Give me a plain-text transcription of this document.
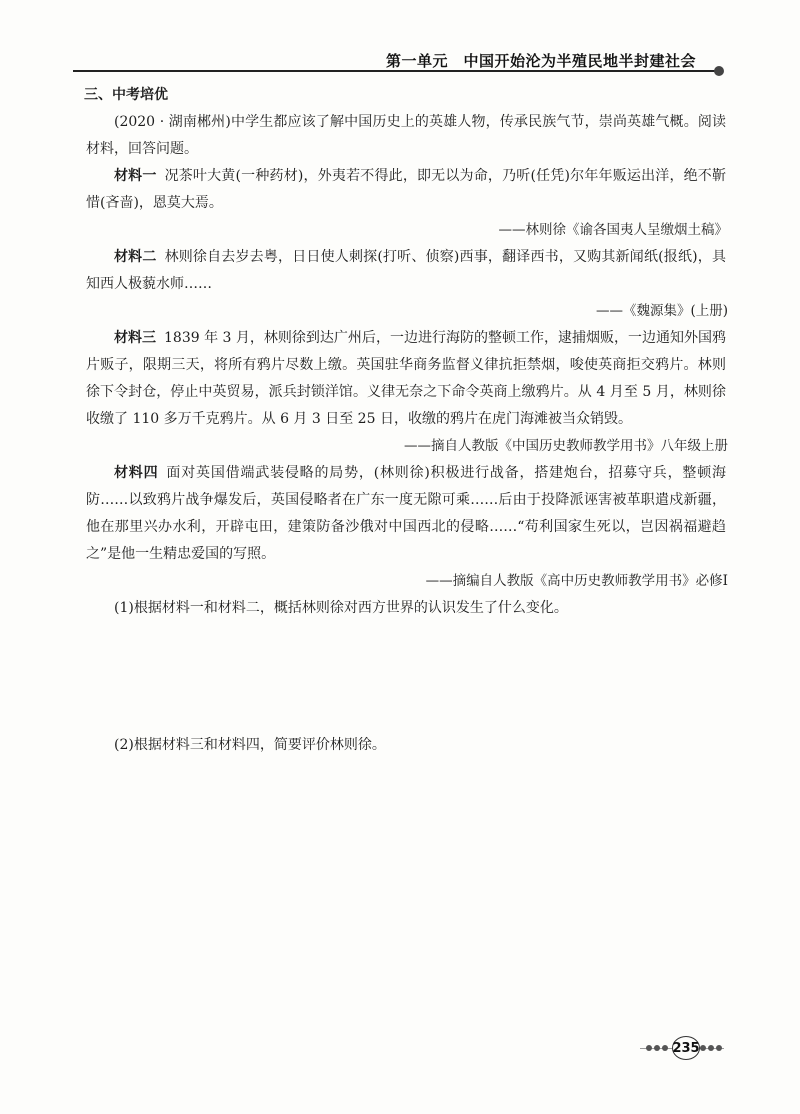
第一单元　中国开始沦为半殖民地半封建社会
三、中考培优
(2020 · 湖南郴州)中学生都应该了解中国历史上的英雄人物，传承民族气节，崇尚英雄气概。阅读材料，回答问题。
材料一 况茶叶大黄(一种药材)，外夷若不得此，即无以为命，乃听(任凭)尔年年贩运出洋，绝不靳惜(吝啬)，恩莫大焉。
——林则徐《谕各国夷人呈缴烟土稿》
材料二 林则徐自去岁去粤，日日使人刺探(打听、侦察)西事，翻译西书，又购其新闻纸(报纸)，具知西人极藐水师……
——《魏源集》(上册)
材料三 1839 年 3 月，林则徐到达广州后，一边进行海防的整顿工作，逮捕烟贩，一边通知外国鸦片贩子，限期三天，将所有鸦片尽数上缴。英国驻华商务监督义律抗拒禁烟，唆使英商拒交鸦片。林则徐下令封仓，停止中英贸易，派兵封锁洋馆。义律无奈之下命令英商上缴鸦片。从 4 月至 5 月，林则徐收缴了 110 多万千克鸦片。从 6 月 3 日至 25 日，收缴的鸦片在虎门海滩被当众销毁。
——摘自人教版《中国历史教师教学用书》八年级上册
材料四 面对英国借端武装侵略的局势，(林则徐)积极进行战备，搭建炮台，招募守兵，整顿海防……以致鸦片战争爆发后，英国侵略者在广东一度无隙可乘……后由于投降派诬害被革职遣戍新疆，他在那里兴办水利，开辟屯田，建策防备沙俄对中国西北的侵略……“苟利国家生死以，岂因祸福避趋之”是他一生精忠爱国的写照。
——摘编自人教版《高中历史教师教学用书》必修Ⅰ
(1)根据材料一和材料二，概括林则徐对西方世界的认识发生了什么变化。
(2)根据材料三和材料四，简要评价林则徐。
235
